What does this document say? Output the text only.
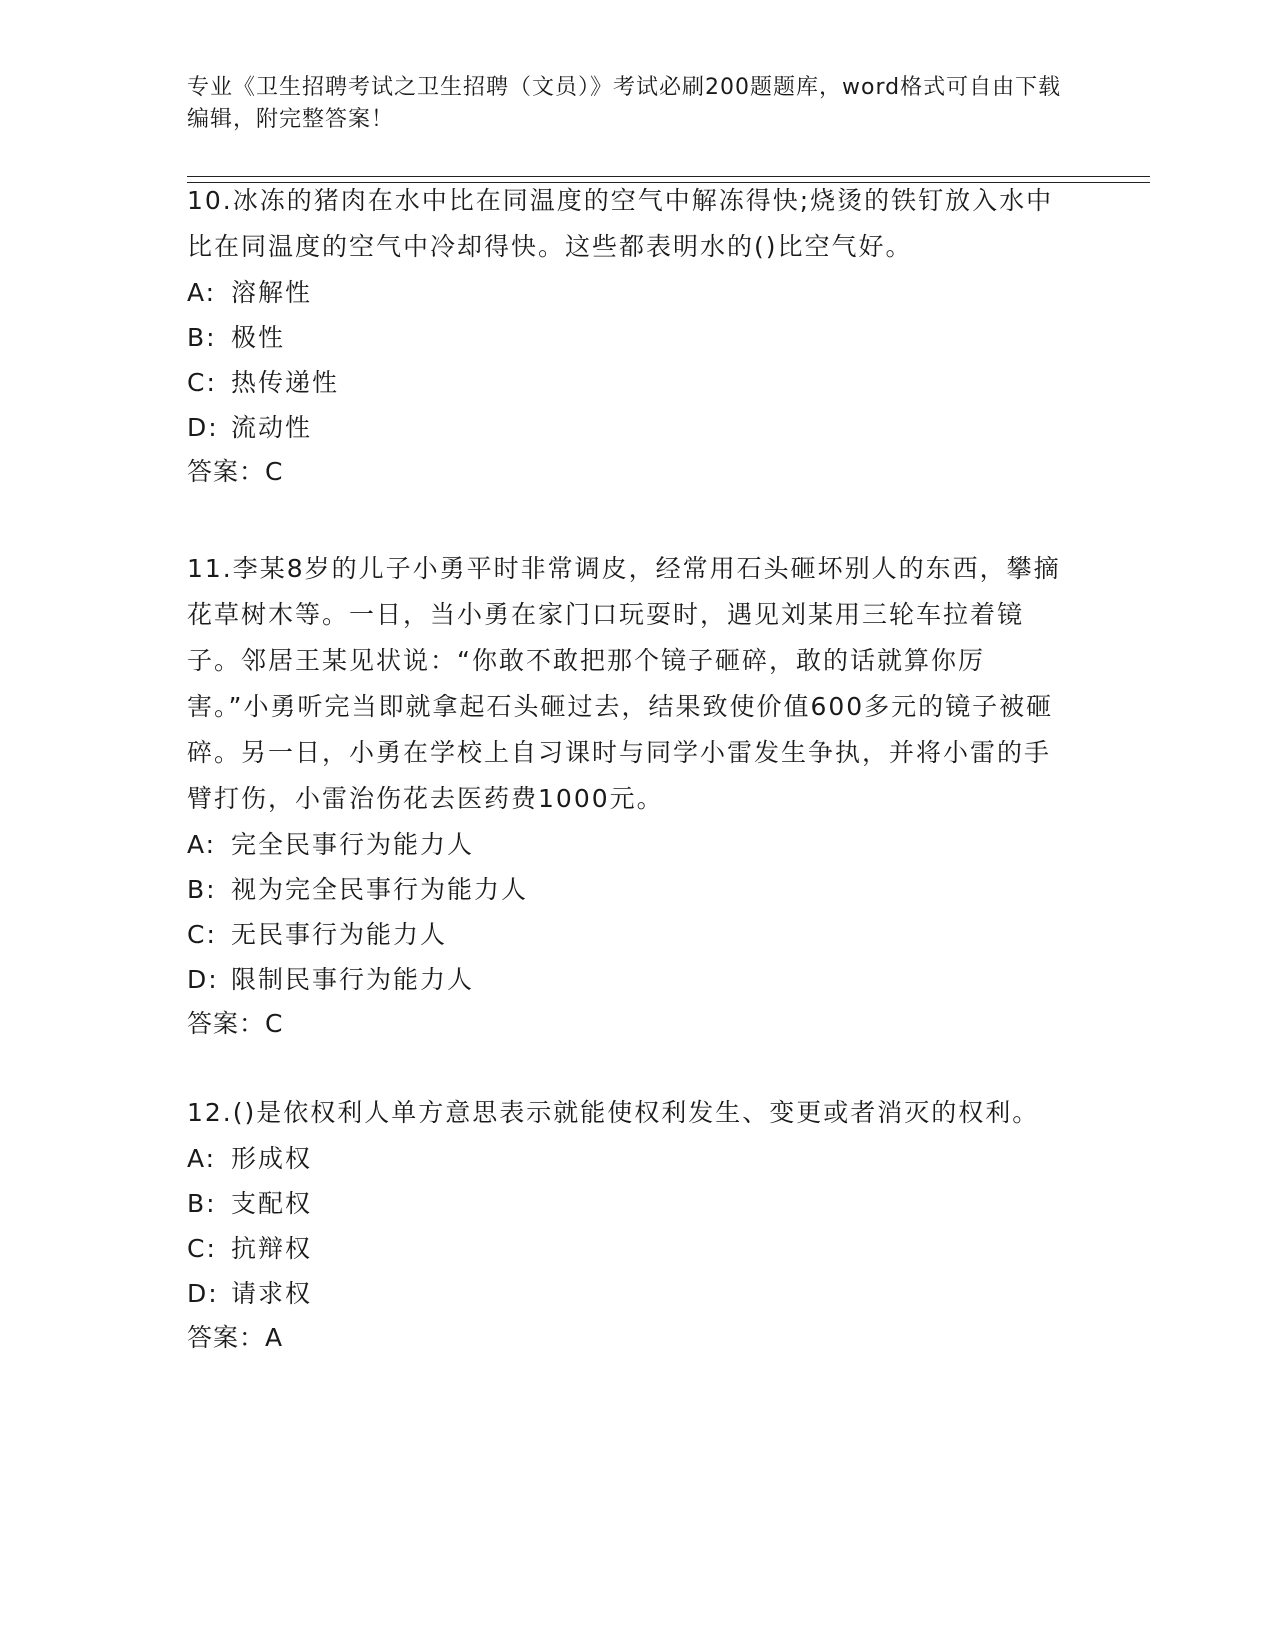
专业《卫生招聘考试之卫生招聘（文员）》考试必刷200题题库，word格式可自由下载编辑，附完整答案！

10.冰冻的猪肉在水中比在同温度的空气中解冻得快;烧烫的铁钉放入水中比在同温度的空气中冷却得快。这些都表明水的()比空气好。

A: 溶解性

B: 极性

C: 热传递性

D: 流动性

答案：C

11.李某8岁的儿子小勇平时非常调皮，经常用石头砸坏别人的东西，攀摘花草树木等。一日，当小勇在家门口玩耍时，遇见刘某用三轮车拉着镜子。邻居王某见状说：“你敢不敢把那个镜子砸碎，敢的话就算你厉害。”小勇听完当即就拿起石头砸过去，结果致使价值600多元的镜子被砸碎。另一日，小勇在学校上自习课时与同学小雷发生争执，并将小雷的手臂打伤，小雷治伤花去医药费1000元。

A: 完全民事行为能力人

B: 视为完全民事行为能力人

C: 无民事行为能力人

D: 限制民事行为能力人

答案：C

12.()是依权利人单方意思表示就能使权利发生、变更或者消灭的权利。

A: 形成权

B: 支配权

C: 抗辩权

D: 请求权

答案：A
